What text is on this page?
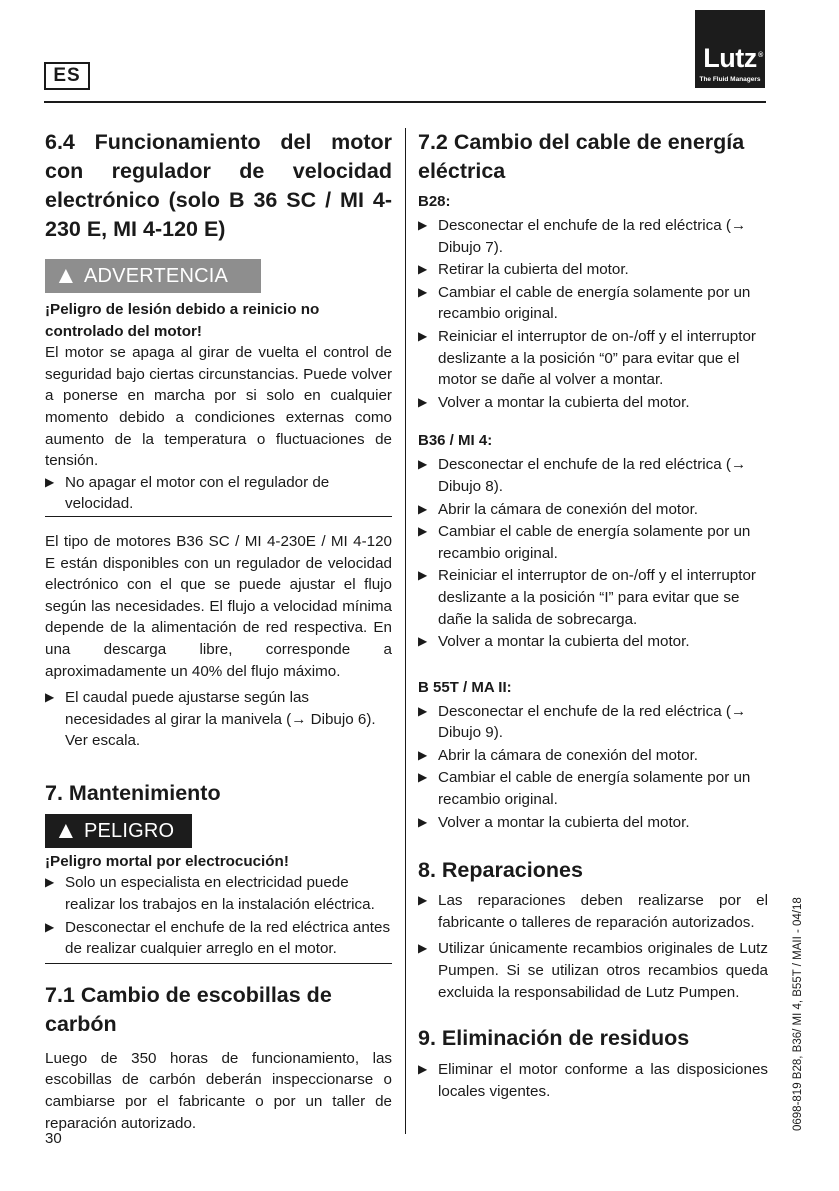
ES
Lutz ®
The Fluid Managers
6.4 Funcionamiento del motor con regulador de velocidad electrónico (solo B 36 SC / MI 4-230 E, MI 4-120 E)
▲ ADVERTENCIA

¡Peligro de lesión debido a reinicio no controlado del motor!

El motor se apaga al girar de vuelta el control de seguridad bajo ciertas circunstancias. Puede volver a ponerse en marcha por si solo en cualquier momento debido a condiciones externas como aumento de la temperatura o fluctuaciones de tensión.

▶ No apagar el motor con el regulador de velocidad.

El tipo de motores B36 SC / MI 4-230E / MI 4-120 E están disponibles con un regulador de velocidad electrónico con el que se puede ajustar el flujo según las necesidades. El flujo a velocidad mínima depende de la alimentación de red respectiva. En una descarga libre, corresponde a aproximadamente un 40% del flujo máximo.

▶ El caudal puede ajustarse según las necesidades al girar la manivela (→ Dibujo 6). Ver escala.
7. Mantenimiento
▲ PELIGRO

¡Peligro mortal por electrocución!

▶ Solo un especialista en electricidad puede realizar los trabajos en la instalación eléctrica.
▶ Desconectar el enchufe de la red eléctrica antes de realizar cualquier arreglo en el motor.
7.1 Cambio de escobillas de carbón

Luego de 350 horas de funcionamiento, las escobillas de carbón deberán inspeccionarse o cambiarse por el fabricante o por un taller de reparación autorizado.

7.2 Cambio del cable de energía eléctrica
B28:
▶ Desconectar el enchufe de la red eléctrica (→ Dibujo 7).
▶ Retirar la cubierta del motor.
▶ Cambiar el cable de energía solamente por un recambio original.
▶ Reiniciar el interruptor de on-/off y el interruptor deslizante a la posición “0” para evitar que el motor se dañe al volver a montar.
▶ Volver a montar la cubierta del motor.
B36 / MI 4:
▶ Desconectar el enchufe de la red eléctrica (→ Dibujo 8).
▶ Abrir la cámara de conexión del motor.
▶ Cambiar el cable de energía solamente por un recambio original.
▶ Reiniciar el interruptor de on-/off y el interruptor deslizante a la posición “I” para evitar que se dañe la salida de sobrecarga.
▶ Volver a montar la cubierta del motor.
B 55T / MA II:
▶ Desconectar el enchufe de la red eléctrica (→ Dibujo 9).
▶ Abrir la cámara de conexión del motor.
▶ Cambiar el cable de energía solamente por un recambio original.
▶ Volver a montar la cubierta del motor.
8. Reparaciones
▶ Las reparaciones deben realizarse por el fabricante o talleres de reparación autorizados.
▶ Utilizar únicamente recambios originales de Lutz Pumpen. Si se utilizan otros recambios queda excluida la responsabilidad de Lutz Pumpen.
9. Eliminación de residuos
▶ Eliminar el motor conforme a las disposiciones locales vigentes.
30
0698-819 B28, B36/ MI 4, B55T / MAII - 04/18
